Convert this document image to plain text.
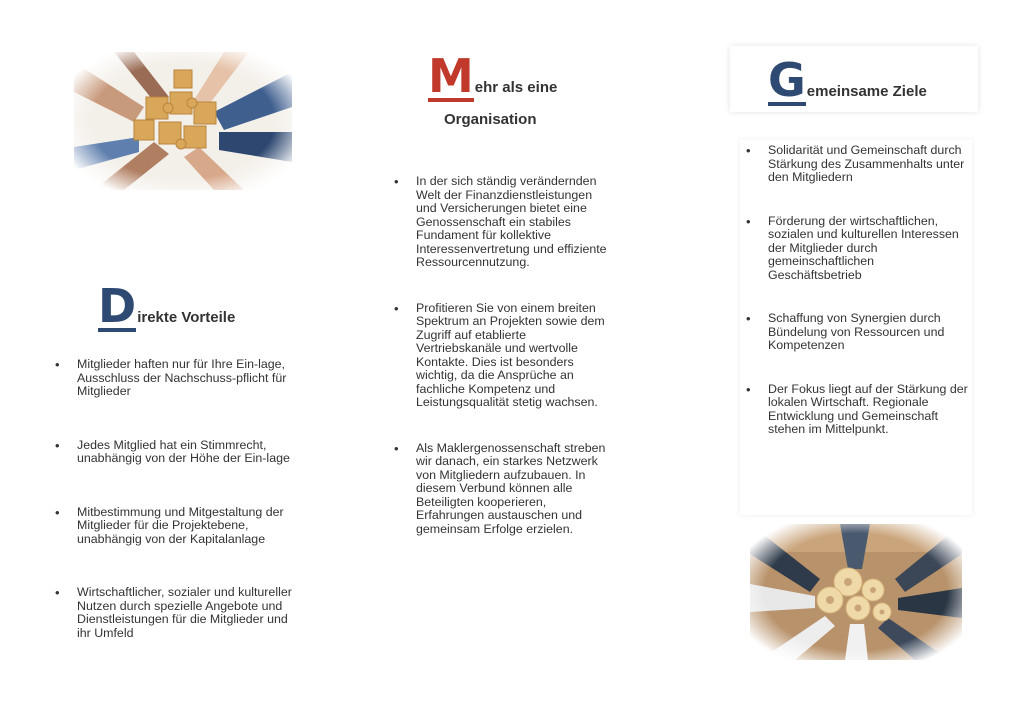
D irekte Vorteile
• Mitglieder haften nur für Ihre Ein-lage, Ausschluss der Nachschuss-pflicht für Mitglieder
• Jedes Mitglied hat ein Stimmrecht, unabhängig von der Höhe der Ein-lage
• Mitbestimmung und Mitgestaltung der Mitglieder für die Projektebene, unabhängig von der Kapitalanlage
• Wirtschaftlicher, sozialer und kultureller Nutzen durch spezielle Angebote und Dienstleistungen für die Mitglieder und ihr Umfeld
M ehr als eine
Organisation
• In der sich ständig verändernden Welt der Finanzdienstleistungen und Versicherungen bietet eine Genossenschaft ein stabiles Fundament für kollektive Interessenvertretung und effiziente Ressourcennutzung.
• Profitieren Sie von einem breiten Spektrum an Projekten sowie dem Zugriff auf etablierte Vertriebskanäle und wertvolle Kontakte. Dies ist besonders wichtig, da die Ansprüche an fachliche Kompetenz und Leistungsqualität stetig wachsen.
• Als Maklergenossenschaft streben wir danach, ein starkes Netzwerk von Mitgliedern aufzubauen. In diesem Verbund können alle Beteiligten kooperieren, Erfahrungen austauschen und gemeinsam Erfolge erzielen.
G emeinsame Ziele
• Solidarität und Gemeinschaft durch Stärkung des Zusammenhalts unter den Mitgliedern
• Förderung der wirtschaftlichen, sozialen und kulturellen Interessen der Mitglieder durch gemeinschaftlichen Geschäftsbetrieb
• Schaffung von Synergien durch Bündelung von Ressourcen und Kompetenzen
• Der Fokus liegt auf der Stärkung der lokalen Wirtschaft. Regionale Entwicklung und Gemeinschaft stehen im Mittelpunkt.
